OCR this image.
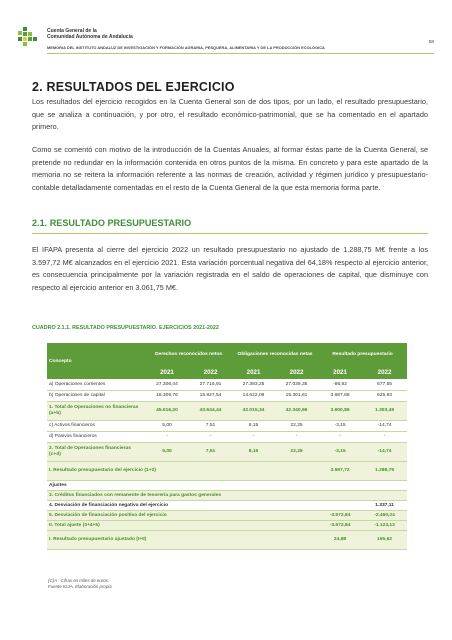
Cuenta General de la
Comunidad Autónoma de Andalucía
MEMORIA DEL INSTITUTO ANDALUZ DE INVESTIGACIÓN Y FORMACIÓN AGRARIA, PESQUERA, ALIMENTARIA Y DE LA PRODUCCIÓN ECOLÓGICA
58
2. RESULTADOS DEL EJERCICIO

Los resultados del ejercicio recogidos en la Cuenta General son de dos tipos, por un lado, el resultado presupuestario, que se analiza a continuación, y por otro, el resultado económico-patrimonial, que se ha comentado en el apartado primero.

Como se comentó con motivo de la introducción de la Cuentas Anuales, al formar éstas parte de la Cuenta General, se pretende no redundar en la información contenida en otros puntos de la misma. En concreto y para este apartado de la memoria no se reitera la información referente a las normas de creación, actividad y régimen jurídico y presupuestario-contable detalladamente comentadas en el resto de la Cuenta General de la que esta memoria forma parte.

2.1. RESULTADO PRESUPUESTARIO

El IFAPA presenta al cierre del ejercicio 2022 un resultado presupuestario no ajustado de 1.288,75 M€ frente a los 3.597,72 M€ alcanzados en el ejercicio 2021. Esta variación porcentual negativa del 64,18% respecto al ejercicio anterior, es consecuencia principalmente por la variación registrada en el saldo de operaciones de capital, que disminuye con respecto al ejercicio anterior en 3.061,75 M€.

CUADRO 2.1.1. RESULTADO PRESUPUESTARIO. EJERCICIOS 2021-2022
Concepto	Derechos reconocidos netos		Obligaciones reconocidas netas		Resultado presupuestario	
	2021	2022	2021	2022	2021	2022
a) Operaciones corrientes	27.306,44	27.716,91	27.393,25	27.039,35	-86,82	677,55
b) Operaciones de capital	18.309,76	15.927,54	14.622,08	15.301,61	3.687,68	625,93
1. Total de Operaciones no financieras (a+b)	45.616,20	43.644,44	42.015,34	42.340,96	3.600,86	1.303,49
c) Activos financieros	5,00	7,51	8,15	22,25	-3,15	-14,74
d) Pasivos financieros	-	-	-	-	-	-
2. Total de Operaciones financieras (c+d)	5,00	7,51	8,15	22,25	-3,15	-14,74
I. Resultado presupuestario del ejercicio (1+2)					3.597,72	1.288,75
Ajustes						
3. Créditos financiados con remanente de tesorería para gastos generales						
4. Desviación de financiación negativa del ejercicio						1.337,11
5. Desviación de financiación positiva del ejercicio					-3.572,84	-2.460,24
II. Total ajuste (3+4+5)					-3.572,84	-1.123,13
I. Resultado presupuestario ajustado (I+II)					24,88	165,62
(C)A : Cifras en miles de euros.
Fuente IGJA. Elaboración propia
